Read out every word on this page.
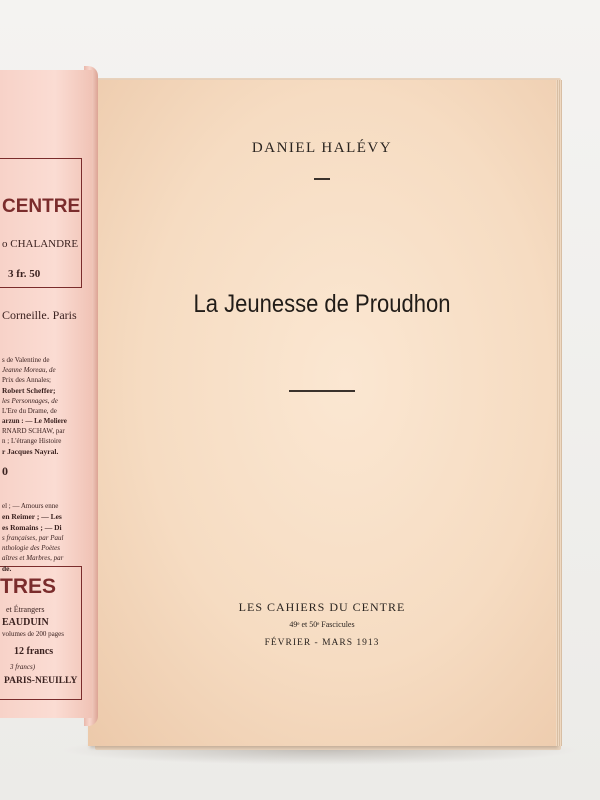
DANIEL HALÉVY
La Jeunesse de Proudhon
LES CAHIERS DU CENTRE
49ᵉ et 50ᵉ Fascicules
FÉVRIER - MARS 1913
CENTRE
o CHALANDRE
3 fr. 50
Corneille. Paris
s de Valentine de
Jeanne Moreau, de
Prix des Annales;
Robert Scheffer;
les Personnages, de
L'Ere du Drame, de
arzun : — Le Moliere
RNARD SCHAW, par
n ; L'étrange Histoire
r Jacques Nayral.
0
el ; — Amours enne
en Reimer ; — Les
es Romains ; — Di
s françaises, par Paul
nthologie des Poètes
aîtres et Marbres, par
de.
TRES
et Étrangers
EAUDUIN
volumes de 200 pages
12 francs
3 francs)
PARIS-NEUILLY
